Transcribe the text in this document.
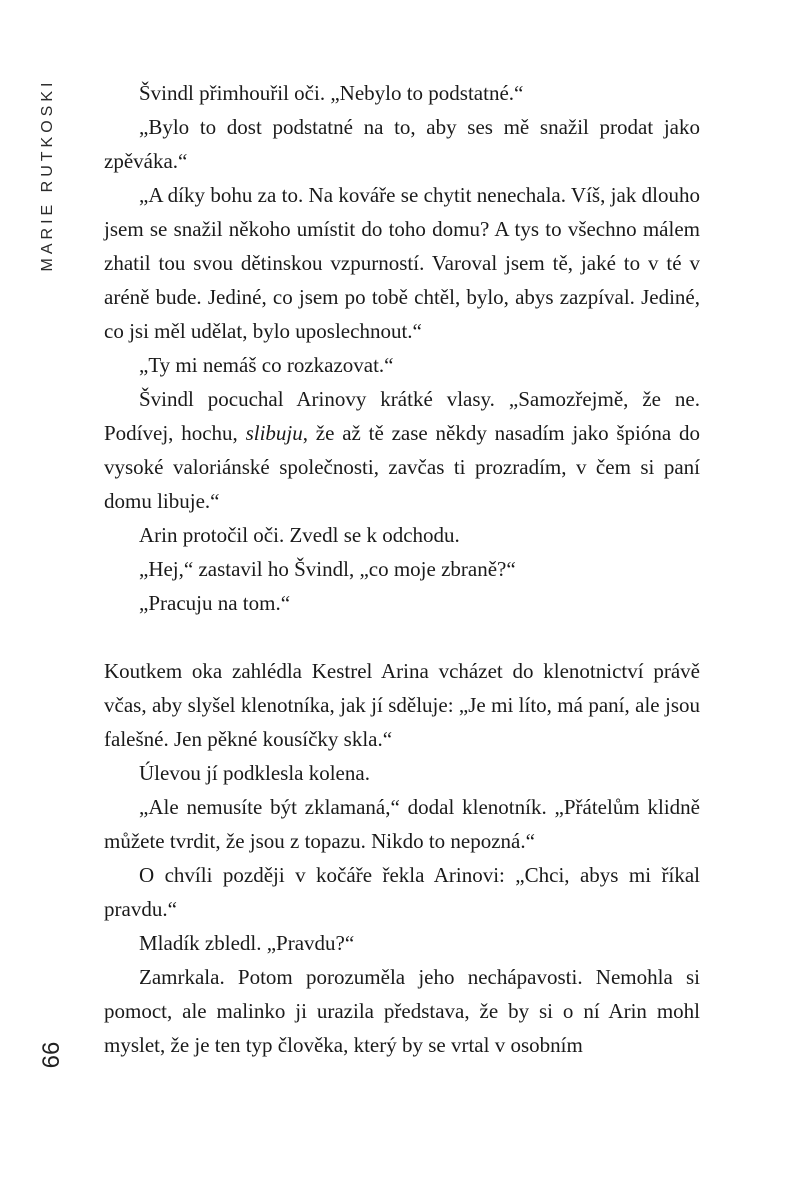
MARIE RUTKOSKI
66

Švindl přimhouřil oči. „Nebylo to podstatné.“

„Bylo to dost podstatné na to, aby ses mě snažil prodat jako zpěváka.“

„A díky bohu za to. Na kováře se chytit nenechala. Víš, jak dlouho jsem se snažil někoho umístit do toho domu? A tys to všechno málem zhatil tou svou dětinskou vzpurností. Varoval jsem tě, jaké to v té v aréně bude. Jediné, co jsem po tobě chtěl, bylo, abys zazpíval. Jediné, co jsi měl udělat, bylo uposlechnout.“

„Ty mi nemáš co rozkazovat.“

Švindl pocuchal Arinovy krátké vlasy. „Samozřejmě, že ne. Podívej, hochu, slibuju, že až tě zase někdy nasadím jako špióna do vysoké valoriánské společnosti, zavčas ti prozradím, v čem si paní domu libuje.“

Arin protočil oči. Zvedl se k odchodu.

„Hej,“ zastavil ho Švindl, „co moje zbraně?“

„Pracuju na tom.“

Koutkem oka zahlédla Kestrel Arina vcházet do klenotnictví právě včas, aby slyšel klenotníka, jak jí sděluje: „Je mi líto, má paní, ale jsou falešné. Jen pěkné kousíčky skla.“

Úlevou jí podklesla kolena.

„Ale nemusíte být zklamaná,“ dodal klenotník. „Přátelům klidně můžete tvrdit, že jsou z topazu. Nikdo to nepozná.“

O chvíli později v kočáře řekla Arinovi: „Chci, abys mi říkal pravdu.“

Mladík zbledl. „Pravdu?“

Zamrkala. Potom porozuměla jeho nechápavosti. Nemohla si pomoct, ale malinko ji urazila představa, že by si o ní Arin mohl myslet, že je ten typ člověka, který by se vrtal v osobním
